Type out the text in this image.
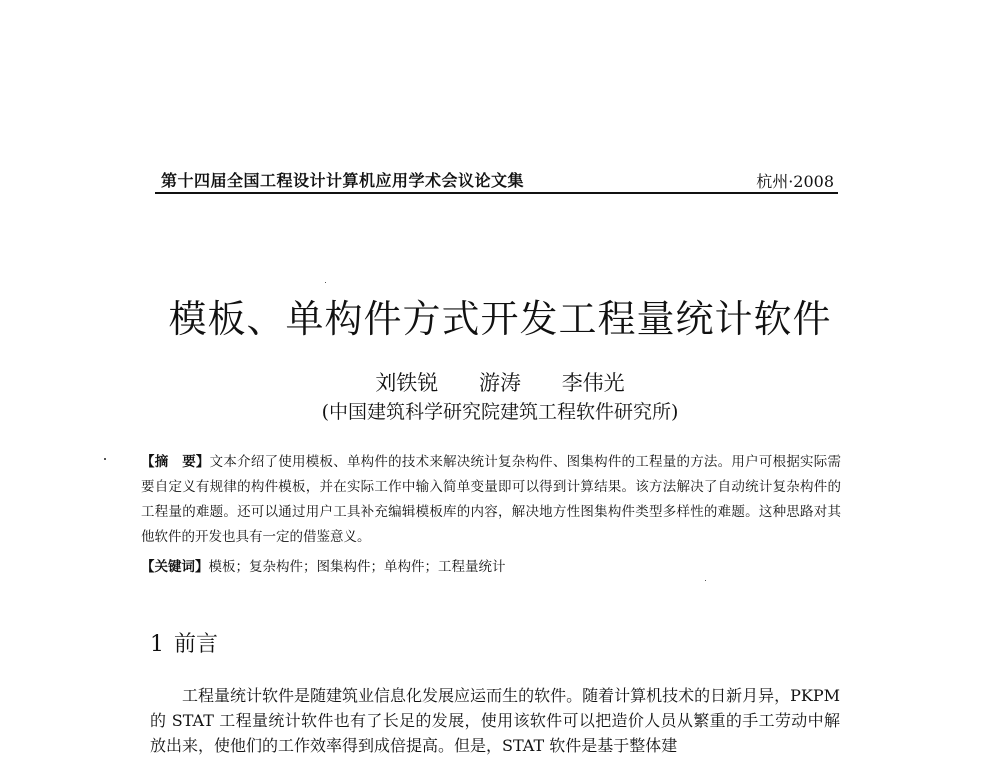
第十四届全国工程设计计算机应用学术会议论文集	杭州·2008
模板、单构件方式开发工程量统计软件
刘铁锐 游涛 李伟光
(中国建筑科学研究院建筑工程软件研究所)
【摘　要】文本介绍了使用模板、单构件的技术来解决统计复杂构件、图集构件的工程量的方法。用户可根据实际需要自定义有规律的构件模板，并在实际工作中输入简单变量即可以得到计算结果。该方法解决了自动统计复杂构件的工程量的难题。还可以通过用户工具补充编辑模板库的内容，解决地方性图集构件类型多样性的难题。这种思路对其他软件的开发也具有一定的借鉴意义。
【关键词】模板；复杂构件；图集构件；单构件；工程量统计
1 前言
工程量统计软件是随建筑业信息化发展应运而生的软件。随着计算机技术的日新月异，PKPM 的 STAT 工程量统计软件也有了长足的发展，使用该软件可以把造价人员从繁重的手工劳动中解放出来，使他们的工作效率得到成倍提高。但是，STAT 软件是基于整体建
